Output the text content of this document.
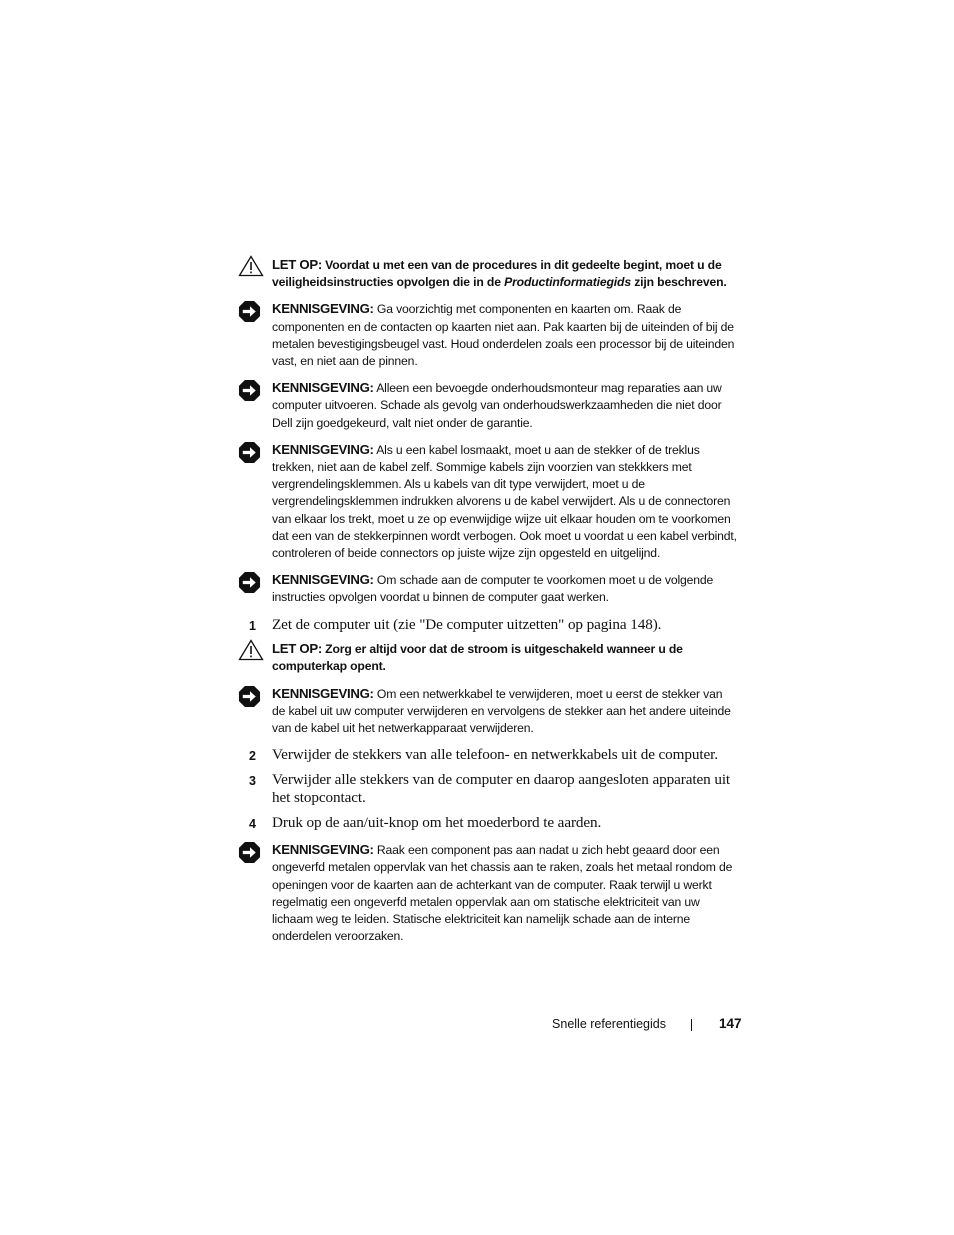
LET OP: Voordat u met een van de procedures in dit gedeelte begint, moet u de veiligheidsinstructies opvolgen die in de Productinformatiegids zijn beschreven.
KENNISGEVING: Ga voorzichtig met componenten en kaarten om. Raak de componenten en de contacten op kaarten niet aan. Pak kaarten bij de uiteinden of bij de metalen bevestigingsbeugel vast. Houd onderdelen zoals een processor bij de uiteinden vast, en niet aan de pinnen.
KENNISGEVING: Alleen een bevoegde onderhoudsmonteur mag reparaties aan uw computer uitvoeren. Schade als gevolg van onderhoudswerkzaamheden die niet door Dell zijn goedgekeurd, valt niet onder de garantie.
KENNISGEVING: Als u een kabel losmaakt, moet u aan de stekker of de treklus trekken, niet aan de kabel zelf. Sommige kabels zijn voorzien van stekkkers met vergrendelingsklemmen. Als u kabels van dit type verwijdert, moet u de vergrendelingsklemmen indrukken alvorens u de kabel verwijdert. Als u de connectoren van elkaar los trekt, moet u ze op evenwijdige wijze uit elkaar houden om te voorkomen dat een van de stekkerpinnen wordt verbogen. Ook moet u voordat u een kabel verbindt, controleren of beide connectors op juiste wijze zijn opgesteld en uitgelijnd.
KENNISGEVING: Om schade aan de computer te voorkomen moet u de volgende instructies opvolgen voordat u binnen de computer gaat werken.
1 Zet de computer uit (zie "De computer uitzetten" op pagina 148).
LET OP: Zorg er altijd voor dat de stroom is uitgeschakeld wanneer u de computerkap opent.
KENNISGEVING: Om een netwerkkabel te verwijderen, moet u eerst de stekker van de kabel uit uw computer verwijderen en vervolgens de stekker aan het andere uiteinde van de kabel uit het netwerkapparaat verwijderen.
2 Verwijder de stekkers van alle telefoon- en netwerkkabels uit de computer.
3 Verwijder alle stekkers van de computer en daarop aangesloten apparaten uit het stopcontact.
4 Druk op de aan/uit-knop om het moederbord te aarden.
KENNISGEVING: Raak een component pas aan nadat u zich hebt geaard door een ongeverfd metalen oppervlak van het chassis aan te raken, zoals het metaal rondom de openingen voor de kaarten aan de achterkant van de computer. Raak terwijl u werkt regelmatig een ongeverfd metalen oppervlak aan om statische elektriciteit van uw lichaam weg te leiden. Statische elektriciteit kan namelijk schade aan de interne onderdelen veroorzaken.
Snelle referentiegids	147
